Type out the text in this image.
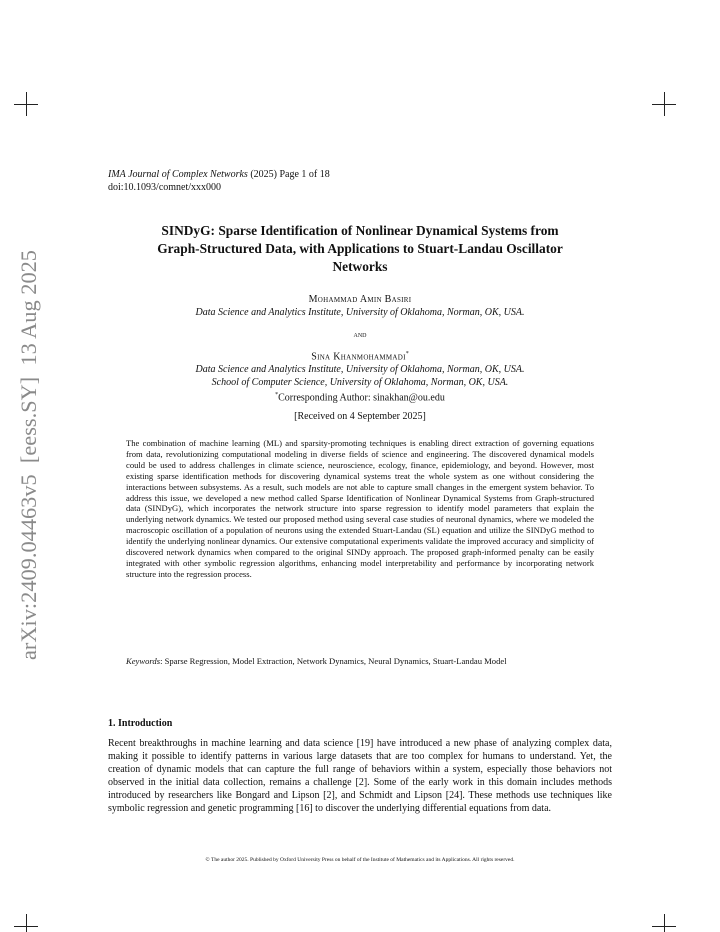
arXiv:2409.04463v5  [eess.SY]  13 Aug 2025
IMA Journal of Complex Networks (2025) Page 1 of 18
doi:10.1093/comnet/xxx000
SINDyG: Sparse Identification of Nonlinear Dynamical Systems from
Graph-Structured Data, with Applications to Stuart-Landau Oscillator
Networks
Mohammad Amin Basiri
Data Science and Analytics Institute, University of Oklahoma, Norman, OK, USA.
and
Sina Khanmohammadi*
Data Science and Analytics Institute, University of Oklahoma, Norman, OK, USA.
School of Computer Science, University of Oklahoma, Norman, OK, USA.
*Corresponding Author: sinakhan@ou.edu
[Received on 4 September 2025]

The combination of machine learning (ML) and sparsity-promoting techniques is enabling direct extraction of governing equations from data, revolutionizing computational modeling in diverse fields of science and engineering. The discovered dynamical models could be used to address challenges in climate science, neuroscience, ecology, finance, epidemiology, and beyond. However, most existing sparse identification methods for discovering dynamical systems treat the whole system as one without considering the interactions between subsystems. As a result, such models are not able to capture small changes in the emergent system behavior. To address this issue, we developed a new method called Sparse Identification of Nonlinear Dynamical Systems from Graph-structured data (SINDyG), which incorporates the network structure into sparse regression to identify model parameters that explain the underlying network dynamics. We tested our proposed method using several case studies of neuronal dynamics, where we modeled the macroscopic oscillation of a population of neurons using the extended Stuart-Landau (SL) equation and utilize the SINDyG method to identify the underlying nonlinear dynamics. Our extensive computational experiments validate the improved accuracy and simplicity of discovered network dynamics when compared to the original SINDy approach. The proposed graph-informed penalty can be easily integrated with other symbolic regression algorithms, enhancing model interpretability and performance by incorporating network structure into the regression process.

Keywords: Sparse Regression, Model Extraction, Network Dynamics, Neural Dynamics, Stuart-Landau Model

1. Introduction

Recent breakthroughs in machine learning and data science [19] have introduced a new phase of analyzing complex data, making it possible to identify patterns in various large datasets that are too complex for humans to understand. Yet, the creation of dynamic models that can capture the full range of behaviors within a system, especially those behaviors not observed in the initial data collection, remains a challenge [2]. Some of the early work in this domain includes methods introduced by researchers like Bongard and Lipson [2], and Schmidt and Lipson [24]. These methods use techniques like symbolic regression and genetic programming [16] to discover the underlying differential equations from data.

© The author 2025. Published by Oxford University Press on behalf of the Institute of Mathematics and its Applications. All rights reserved.
